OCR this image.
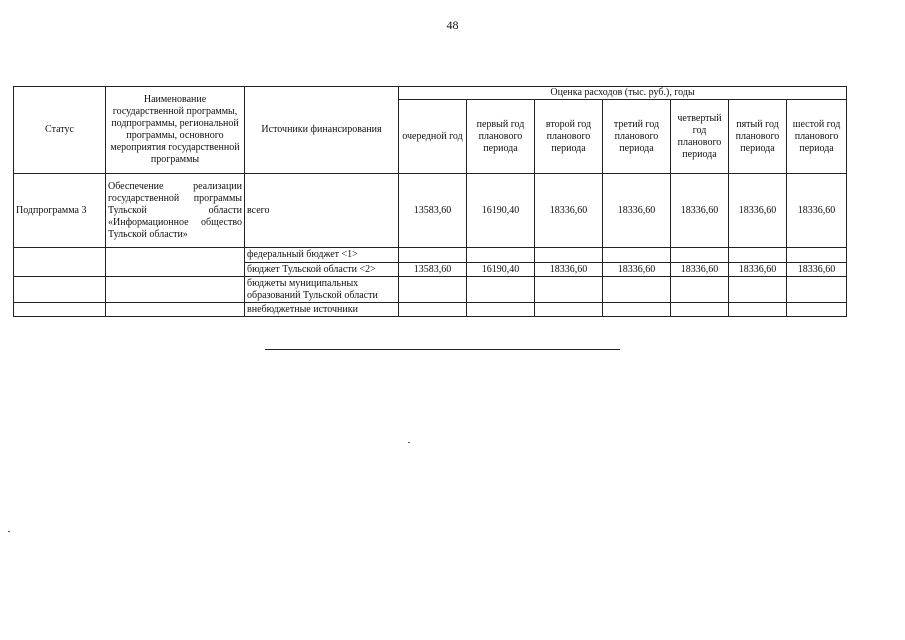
48
Статус	Наименование государственной программы, подпрограммы, региональной программы, основного мероприятия государственной программы	Источники финансирования	Оценка расходов (тыс. руб.), годы						
			очередной год	первый год планового периода	второй год планового периода	третий год планового периода	четвертый год планового периода	пятый год планового периода	шестой год планового периода
Подпрограмма 3	Обеспечение реализации государственной программы Тульской области «Информационное общество Тульской области»	всего	13583,60	16190,40	18336,60	18336,60	18336,60	18336,60	18336,60
		федеральный бюджет <1>							
		бюджет Тульской области <2>	13583,60	16190,40	18336,60	18336,60	18336,60	18336,60	18336,60
		бюджеты муниципальных образований Тульской области							
		внебюджетные источники							
